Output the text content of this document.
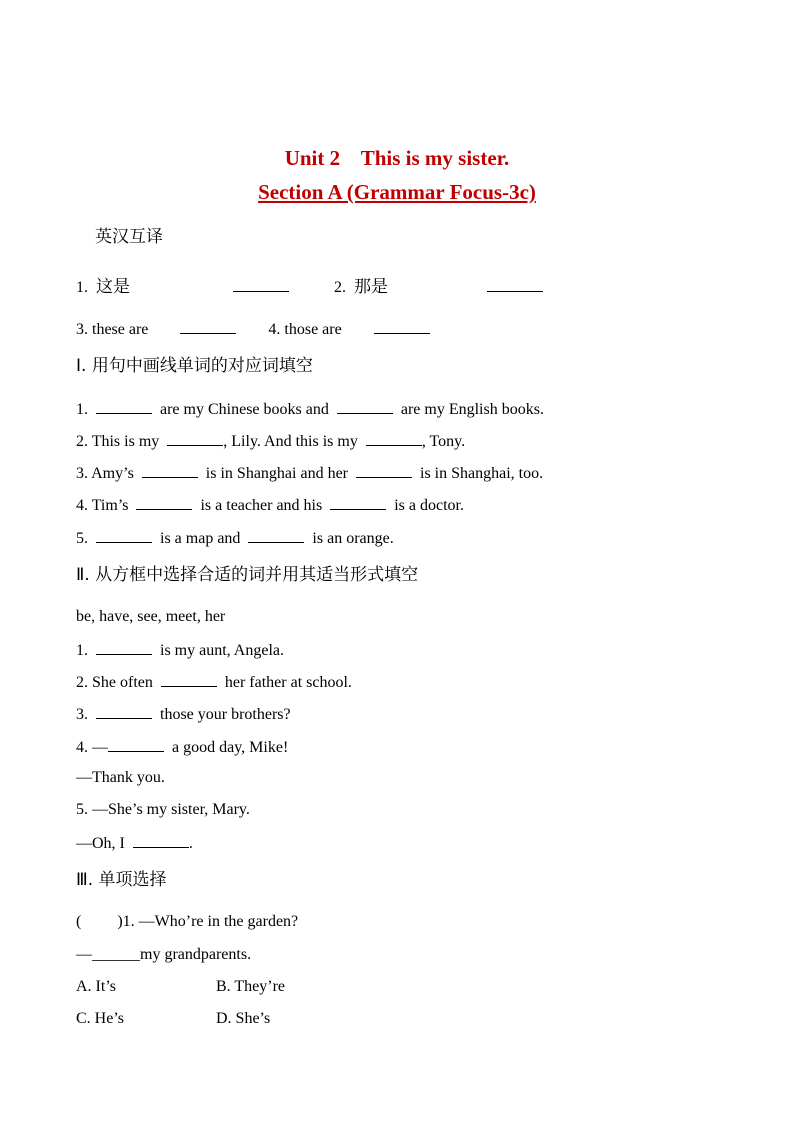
Unit 2    This is my sister.
Section A (Grammar Focus-3c)
英汉互译
1. 这是	2. 那是
3. these are	4. those are
Ⅰ. 用句中画线单词的对应词填空
1.	are my Chinese books and	are my English books.
2. This is my	, Lily. And this is my	, Tony.
3. Amy’s	is in Shanghai and her	is in Shanghai, too.
4. Tim’s	is a teacher and his	is a doctor.
5.	is a map and	is an orange.
Ⅱ. 从方框中选择合适的词并用其适当形式填空
be, have, see, meet, her
1.	is my aunt, Angela.
2. She often	her father at school.
3.	those your brothers?
4. —	a good day, Mike!
—Thank you.
5. —She’s my sister, Mary.
—Oh, I	.
Ⅲ. 单项选择
(         )1. —Who’re in the garden?
—______my grandparents.
A. It’s	B. They’re
C. He’s	D. She’s
